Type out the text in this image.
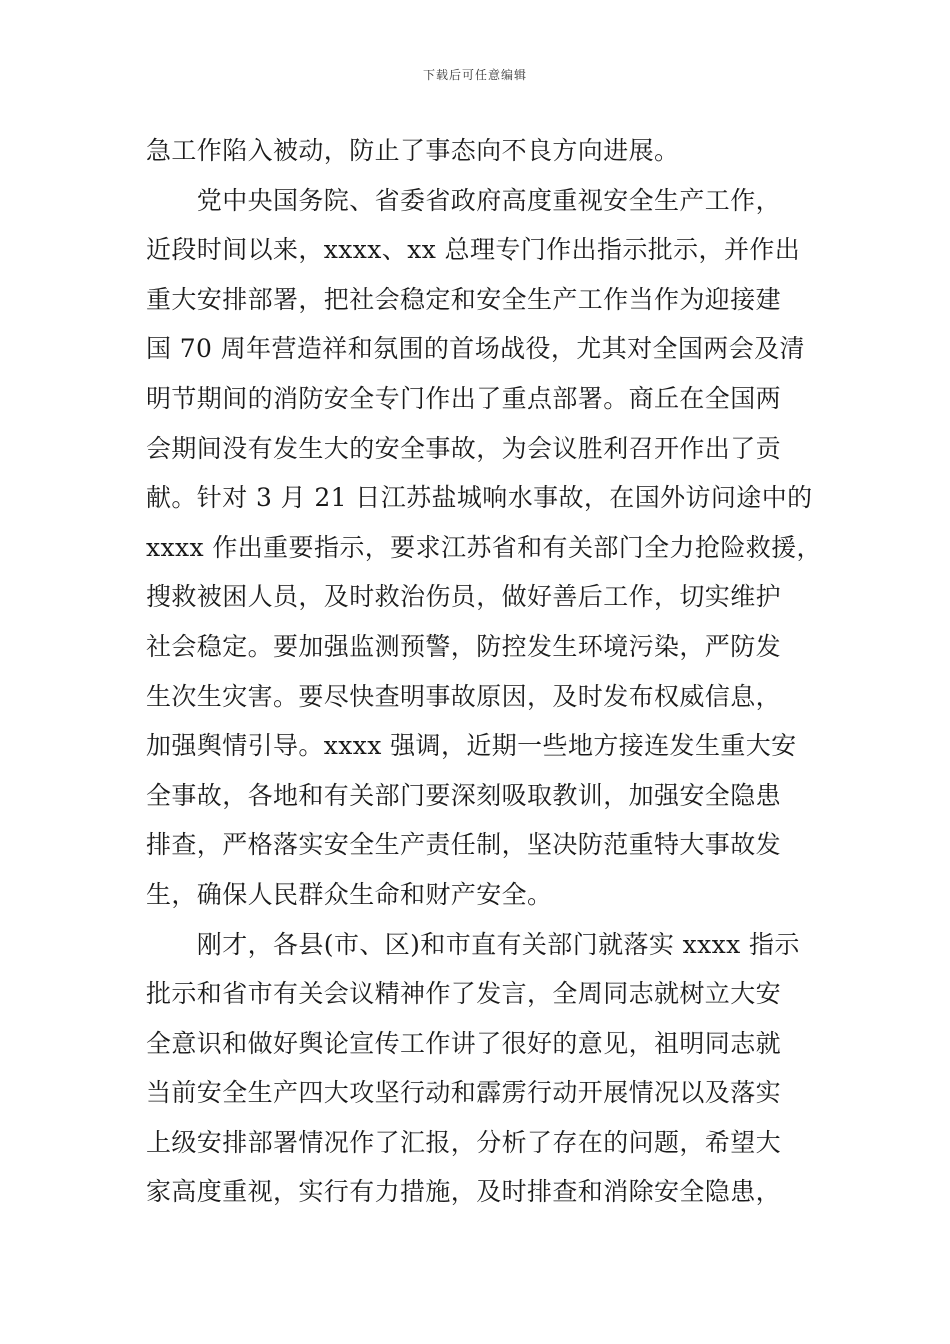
下载后可任意编辑
急工作陷入被动，防止了事态向不良方向进展。
　　党中央国务院、省委省政府高度重视安全生产工作，
近段时间以来，xxxx、xx 总理专门作出指示批示，并作出
重大安排部署，把社会稳定和安全生产工作当作为迎接建
国 70 周年营造祥和氛围的首场战役，尤其对全国两会及清
明节期间的消防安全专门作出了重点部署。商丘在全国两
会期间没有发生大的安全事故，为会议胜利召开作出了贡
献。针对 3 月 21 日江苏盐城响水事故，在国外访问途中的
xxxx 作出重要指示，要求江苏省和有关部门全力抢险救援，
搜救被困人员，及时救治伤员，做好善后工作，切实维护
社会稳定。要加强监测预警，防控发生环境污染，严防发
生次生灾害。要尽快查明事故原因，及时发布权威信息，
加强舆情引导。xxxx 强调，近期一些地方接连发生重大安
全事故，各地和有关部门要深刻吸取教训，加强安全隐患
排查，严格落实安全生产责任制，坚决防范重特大事故发
生，确保人民群众生命和财产安全。
　　刚才，各县(市、区)和市直有关部门就落实 xxxx 指示
批示和省市有关会议精神作了发言，全周同志就树立大安
全意识和做好舆论宣传工作讲了很好的意见，祖明同志就
当前安全生产四大攻坚行动和霹雳行动开展情况以及落实
上级安排部署情况作了汇报，分析了存在的问题，希望大
家高度重视，实行有力措施，及时排查和消除安全隐患，
